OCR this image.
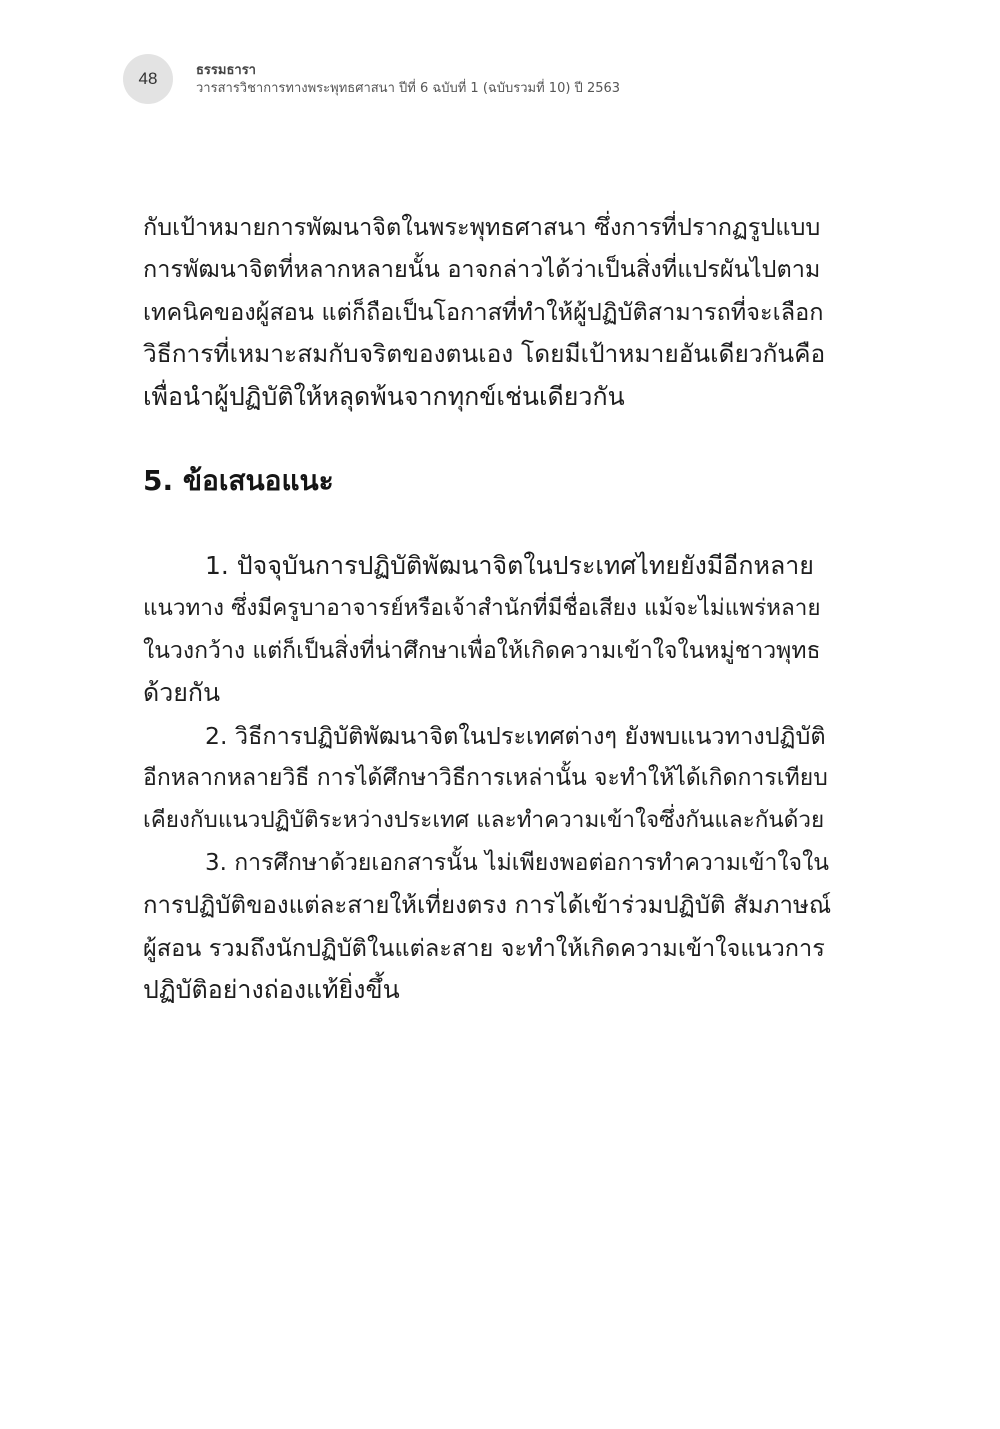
48	ธรรมธารา
วารสารวิชาการทางพระพุทธศาสนา ปีที่ 6 ฉบับที่ 1 (ฉบับรวมที่ 10) ปี 2563

กับเป้าหมายการพัฒนาจิตในพระพุทธศาสนา ซึ่งการที่ปรากฏรูปแบบ

การพัฒนาจิตที่หลากหลายนั้น อาจกล่าวได้ว่าเป็นสิ่งที่แปรผันไปตาม

เทคนิคของผู้สอน แต่ก็ถือเป็นโอกาสที่ทำให้ผู้ปฏิบัติสามารถที่จะเลือก

วิธีการที่เหมาะสมกับจริตของตนเอง โดยมีเป้าหมายอันเดียวกันคือ

เพื่อนำผู้ปฏิบัติให้หลุดพ้นจากทุกข์เช่นเดียวกัน

5. ข้อเสนอแนะ

1. ปัจจุบันการปฏิบัติพัฒนาจิตในประเทศไทยยังมีอีกหลาย

แนวทาง ซึ่งมีครูบาอาจารย์หรือเจ้าสำนักที่มีชื่อเสียง แม้จะไม่แพร่หลาย

ในวงกว้าง แต่ก็เป็นสิ่งที่น่าศึกษาเพื่อให้เกิดความเข้าใจในหมู่ชาวพุทธ

ด้วยกัน

2. วิธีการปฏิบัติพัฒนาจิตในประเทศต่างๆ ยังพบแนวทางปฏิบัติ

อีกหลากหลายวิธี การได้ศึกษาวิธีการเหล่านั้น จะทำให้ได้เกิดการเทียบ

เคียงกับแนวปฏิบัติระหว่างประเทศ และทำความเข้าใจซึ่งกันและกันด้วย

3. การศึกษาด้วยเอกสารนั้น ไม่เพียงพอต่อการทำความเข้าใจใน

การปฏิบัติของแต่ละสายให้เที่ยงตรง การได้เข้าร่วมปฏิบัติ สัมภาษณ์

ผู้สอน รวมถึงนักปฏิบัติในแต่ละสาย จะทำให้เกิดความเข้าใจแนวการ

ปฏิบัติอย่างถ่องแท้ยิ่งขึ้น
